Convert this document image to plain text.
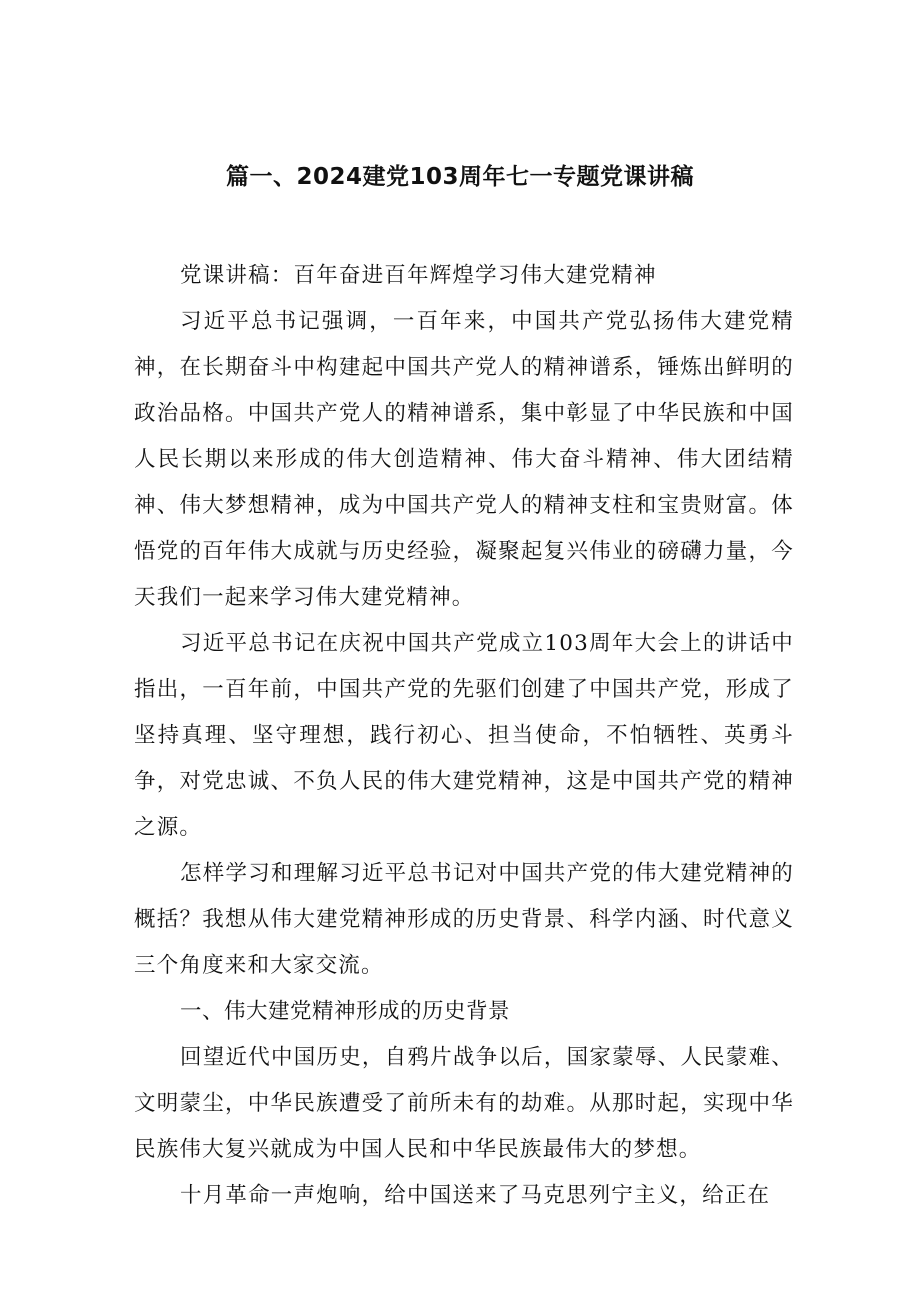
篇一、2024建党103周年七一专题党课讲稿

党课讲稿：百年奋进百年辉煌学习伟大建党精神

习近平总书记强调，一百年来，中国共产党弘扬伟大建党精神，在长期奋斗中构建起中国共产党人的精神谱系，锤炼出鲜明的政治品格。中国共产党人的精神谱系，集中彰显了中华民族和中国人民长期以来形成的伟大创造精神、伟大奋斗精神、伟大团结精神、伟大梦想精神，成为中国共产党人的精神支柱和宝贵财富。体悟党的百年伟大成就与历史经验，凝聚起复兴伟业的磅礴力量，今天我们一起来学习伟大建党精神。

习近平总书记在庆祝中国共产党成立103周年大会上的讲话中指出，一百年前，中国共产党的先驱们创建了中国共产党，形成了坚持真理、坚守理想，践行初心、担当使命，不怕牺牲、英勇斗争，对党忠诚、不负人民的伟大建党精神，这是中国共产党的精神之源。

怎样学习和理解习近平总书记对中国共产党的伟大建党精神的概括？我想从伟大建党精神形成的历史背景、科学内涵、时代意义三个角度来和大家交流。

一、伟大建党精神形成的历史背景

回望近代中国历史，自鸦片战争以后，国家蒙辱、人民蒙难、文明蒙尘，中华民族遭受了前所未有的劫难。从那时起，实现中华民族伟大复兴就成为中国人民和中华民族最伟大的梦想。

十月革命一声炮响，给中国送来了马克思列宁主义，给正在
